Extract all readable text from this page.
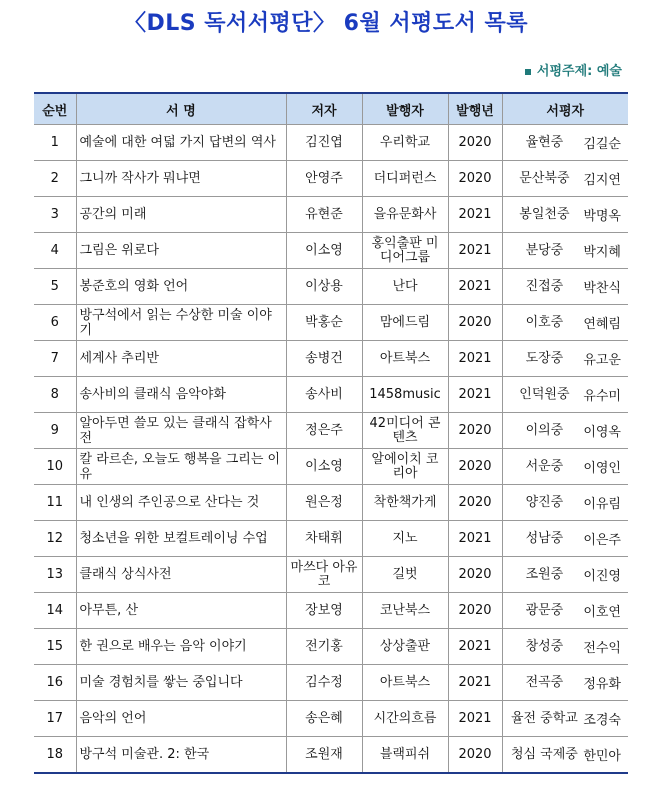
〈DLS 독서서평단〉 6월 서평도서 목록
서평주제: 예술
순번	서 명	저자	발행자	발행년	서평자
1	예술에 대한 여덟 가지 답변의 역사	김진엽	우리학교	2020	율현중 김길순

2	그니까 작사가 뭐냐면	안영주	더디퍼런스	2020	문산북중 김지연

3	공간의 미래	유현준	을유문화사	2021	봉일천중 박명옥

4	그림은 위로다	이소영	홍익출판 미디어그룹	2021	분당중 박지혜

5	봉준호의 영화 언어	이상용	난다	2021	진접중 박찬식

6	방구석에서 읽는 수상한 미술 이야기	박홍순	맘에드림	2020	이호중 연혜림

7	세계사 추리반	송병건	아트북스	2021	도장중 유고운

8	송사비의 클래식 음악야화	송사비	1458music	2021	인덕원중 유수미

9	알아두면 쓸모 있는 클래식 잡학사전	정은주	42미디어 콘텐츠	2020	이의중 이영옥

10	칼 라르손, 오늘도 행복을 그리는 이유	이소영	알에이치 코리아	2020	서운중 이영인

11	내 인생의 주인공으로 산다는 것	원은정	착한책가게	2020	양진중 이유림

12	청소년을 위한 보컬트레이닝 수업	차태휘	지노	2021	성남중 이은주

13	클래식 상식사전	마쓰다 아유코	길벗	2020	조원중 이진영

14	아무튼, 산	장보영	코난북스	2020	광문중 이호연

15	한 권으로 배우는 음악 이야기	전기홍	상상출판	2021	창성중 전수익

16	미술 경험치를 쌓는 중입니다	김수정	아트북스	2021	전곡중 정유화

17	음악의 언어	송은혜	시간의흐름	2021	율전 중학교 조경숙

18	방구석 미술관. 2: 한국	조원재	블랙피쉬	2020	청심 국제중 한민아
